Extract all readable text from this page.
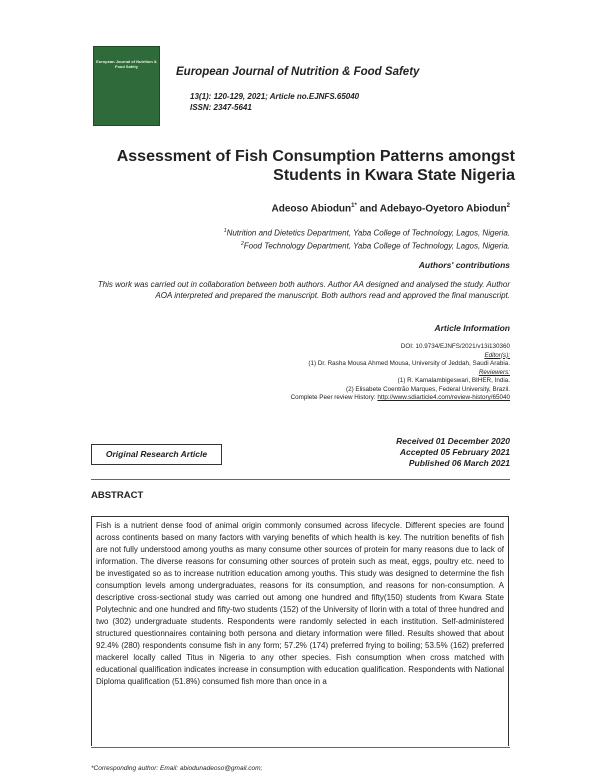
European Journal of Nutrition & Food Safety	European Journal of Nutrition & Food Safety
13(1): 120-129, 2021; Article no.EJNFS.65040
ISSN: 2347-5641
Assessment of Fish Consumption Patterns amongst Students in Kwara State Nigeria
Adeoso Abiodun$^{1*}$ and Adebayo-Oyetoro Abiodun$^2$
$^1$Nutrition and Dietetics Department, Yaba College of Technology, Lagos, Nigeria.
$^2$Food Technology Department, Yaba College of Technology, Lagos, Nigeria.
Authors' contributions
This work was carried out in collaboration between both authors. Author AA designed and analysed the study. Author AOA interpreted and prepared the manuscript. Both authors read and approved the final manuscript.
Article Information
DOI: 10.9734/EJNFS/2021/v13i130360
Editor(s):
(1) Dr. Rasha Mousa Ahmed Mousa, University of Jeddah, Saudi Arabia.
Reviewers:
(1) R. Kamalambigeswari, BIHER, India.
(2) Elisabete Coentrão Marques, Federal University, Brazil.
Complete Peer review History: http://www.sdiarticle4.com/review-history/65040
Received 01 December 2020
Accepted 05 February 2021
Published 06 March 2021
Original Research Article
ABSTRACT
Fish is a nutrient dense food of animal origin commonly consumed across lifecycle. Different species are found across continents based on many factors with varying benefits of which health is key. The nutrition benefits of fish are not fully understood among youths as many consume other sources of protein for many reasons due to lack of information. The diverse reasons for consuming other sources of protein such as meat, eggs, poultry etc. need to be investigated so as to increase nutrition education among youths. This study was designed to determine the fish consumption levels among undergraduates, reasons for its consumption, and reasons for non-consumption. A descriptive cross-sectional study was carried out among one hundred and fifty(150) students from Kwara State Polytechnic and one hundred and fifty-two students (152) of the University of Ilorin with a total of three hundred and two (302) undergraduate students. Respondents were randomly selected in each institution. Self-administered structured questionnaires containing both persona and dietary information were filled. Results showed that about 92.4% (280) respondents consume fish in any form; 57.2% (174) preferred frying to boiling; 53.5% (162) preferred mackerel locally called Titus in Nigeria to any other species. Fish consumption when cross matched with educational qualification indicates increase in consumption with education qualification. Respondents with National Diploma qualification (51.8%) consumed fish more than once in a
*Corresponding author: Email: abiodunadeoso@gmail.com;
